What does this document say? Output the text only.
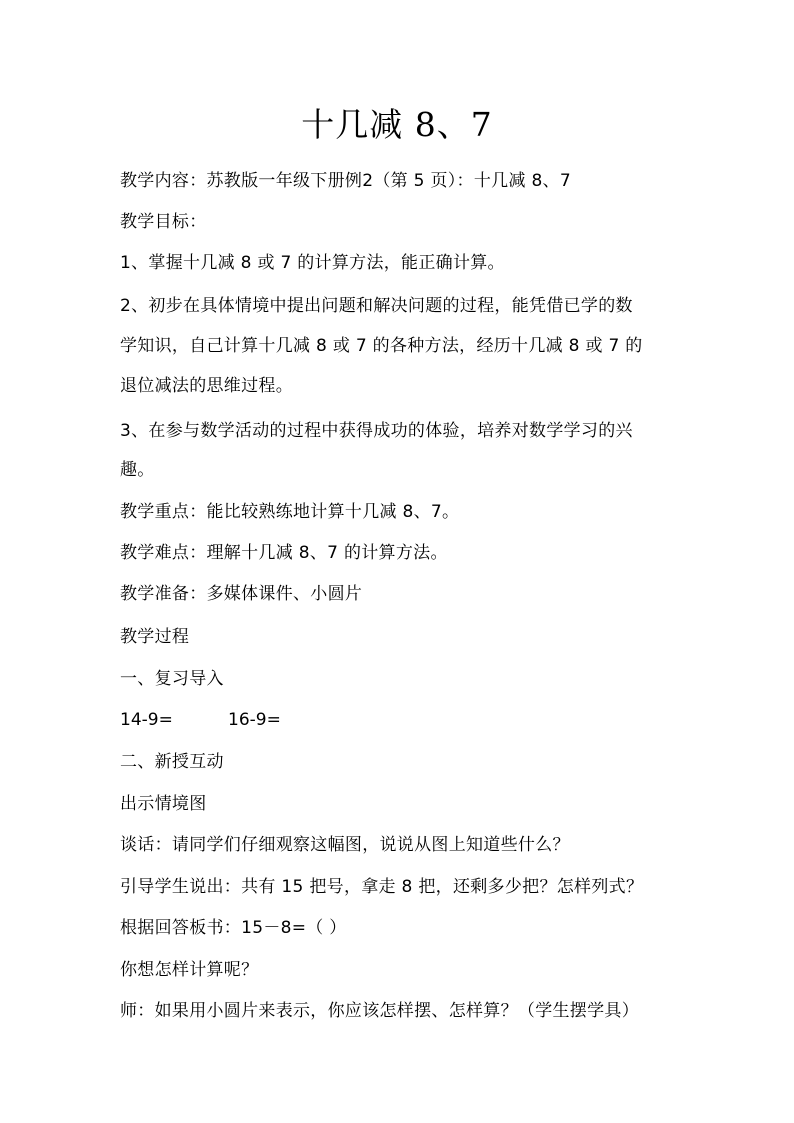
十几减 8、7
教学内容：苏教版一年级下册例2（第 5 页）：十几减 8、7
教学目标：
1、掌握十几减 8 或 7 的计算方法，能正确计算。
2、初步在具体情境中提出问题和解决问题的过程，能凭借已学的数
学知识，自己计算十几减 8 或 7 的各种方法，经历十几减 8 或 7 的
退位减法的思维过程。
3、在参与数学活动的过程中获得成功的体验，培养对数学学习的兴
趣。
教学重点：能比较熟练地计算十几减 8、7。
教学难点：理解十几减 8、7 的计算方法。
教学准备：多媒体课件、小圆片
教学过程
一、复习导入
14-9=	16-9=
二、新授互动
出示情境图
谈话：请同学们仔细观察这幅图，说说从图上知道些什么？
引导学生说出：共有 15 把号，拿走 8 把，还剩多少把？怎样列式？
根据回答板书：15－8=（ ）
你想怎样计算呢？
师：如果用小圆片来表示，你应该怎样摆、怎样算？（学生摆学具）
